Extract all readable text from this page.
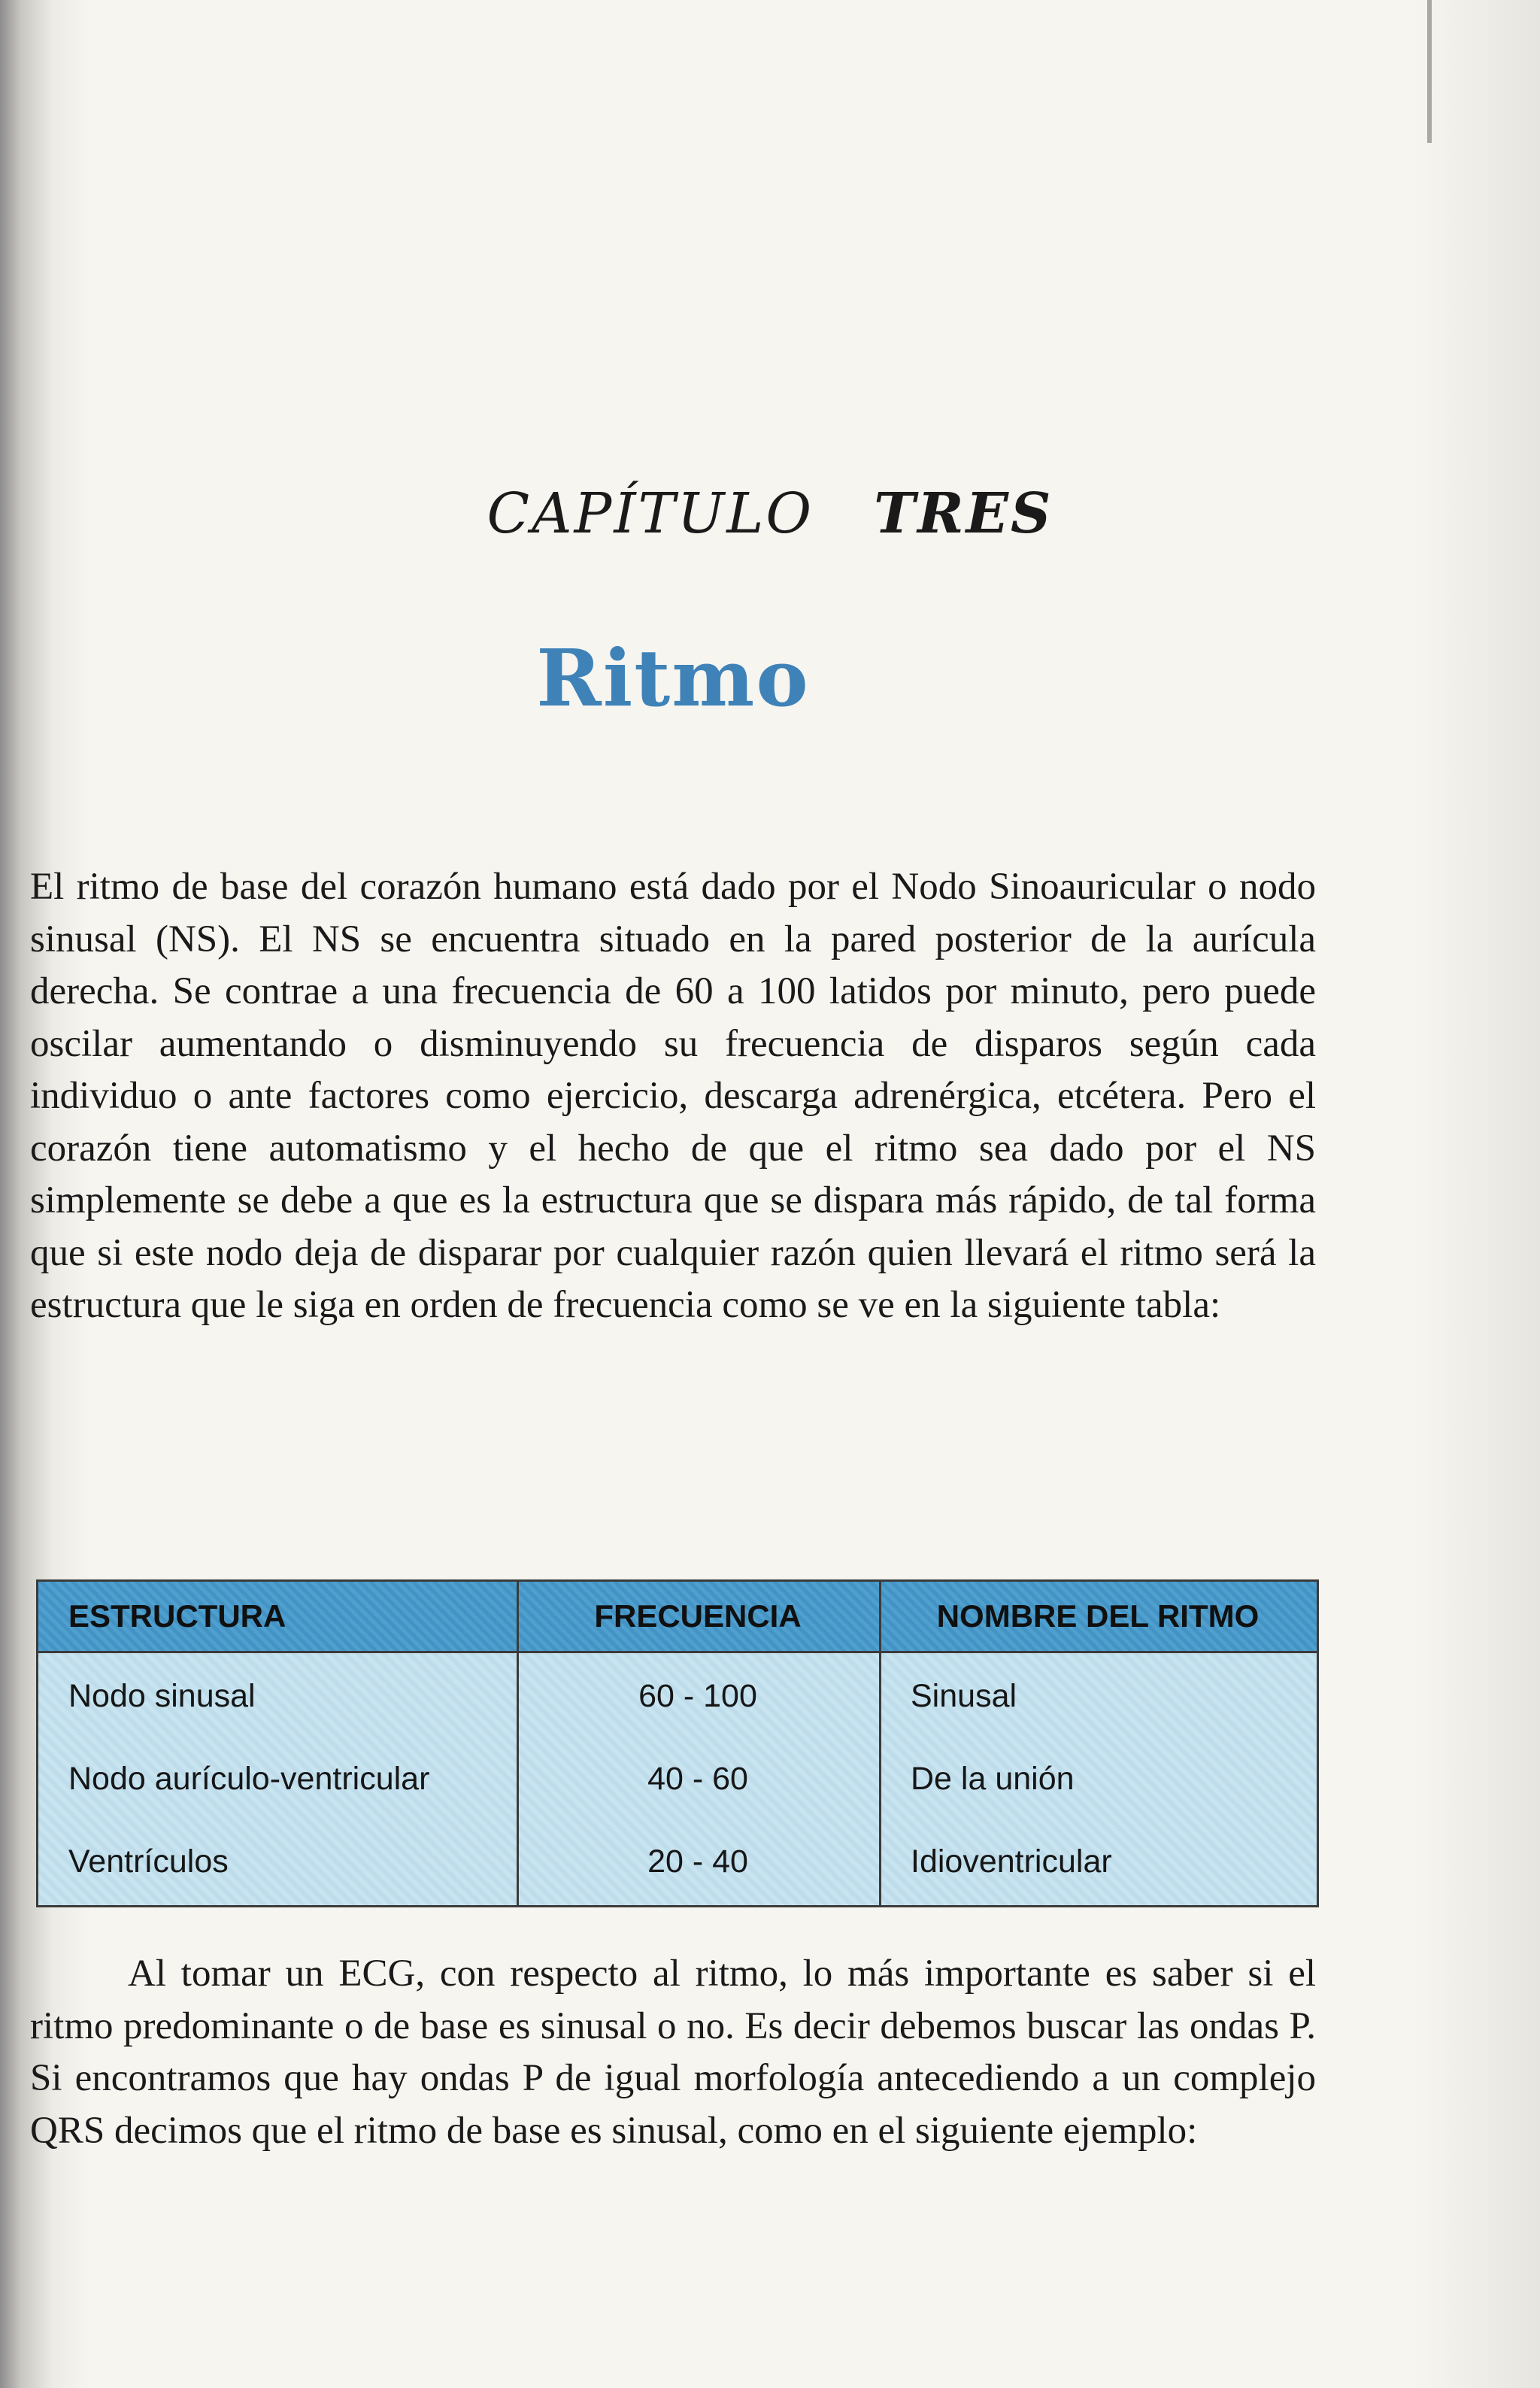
CAPÍTULO TRES
Ritmo
El ritmo de base del corazón humano está dado por el Nodo Sinoauricular o nodo sinusal (NS). El NS se encuentra situado en la pared posterior de la aurícula derecha. Se contrae a una frecuencia de 60 a 100 latidos por minuto, pero puede oscilar aumentando o disminuyendo su frecuencia de disparos según cada individuo o ante factores como ejercicio, descarga adrenérgica, etcétera. Pero el corazón tiene automatismo y el hecho de que el ritmo sea dado por el NS simplemente se debe a que es la estructura que se dispara más rápido, de tal forma que si este nodo deja de disparar por cualquier razón quien llevará el ritmo será la estructura que le siga en orden de frecuencia como se ve en la siguiente tabla:
ESTRUCTURA	FRECUENCIA	NOMBRE DEL RITMO
Nodo sinusal	60 - 100	Sinusal
Nodo aurículo-ventricular	40 - 60	De la unión
Ventrículos	20 - 40	Idioventricular
Al tomar un ECG, con respecto al ritmo, lo más importante es saber si el ritmo predominante o de base es sinusal o no. Es decir debemos buscar las ondas P. Si encontramos que hay ondas P de igual morfología antecediendo a un complejo QRS decimos que el ritmo de base es sinusal, como en el siguiente ejemplo:
